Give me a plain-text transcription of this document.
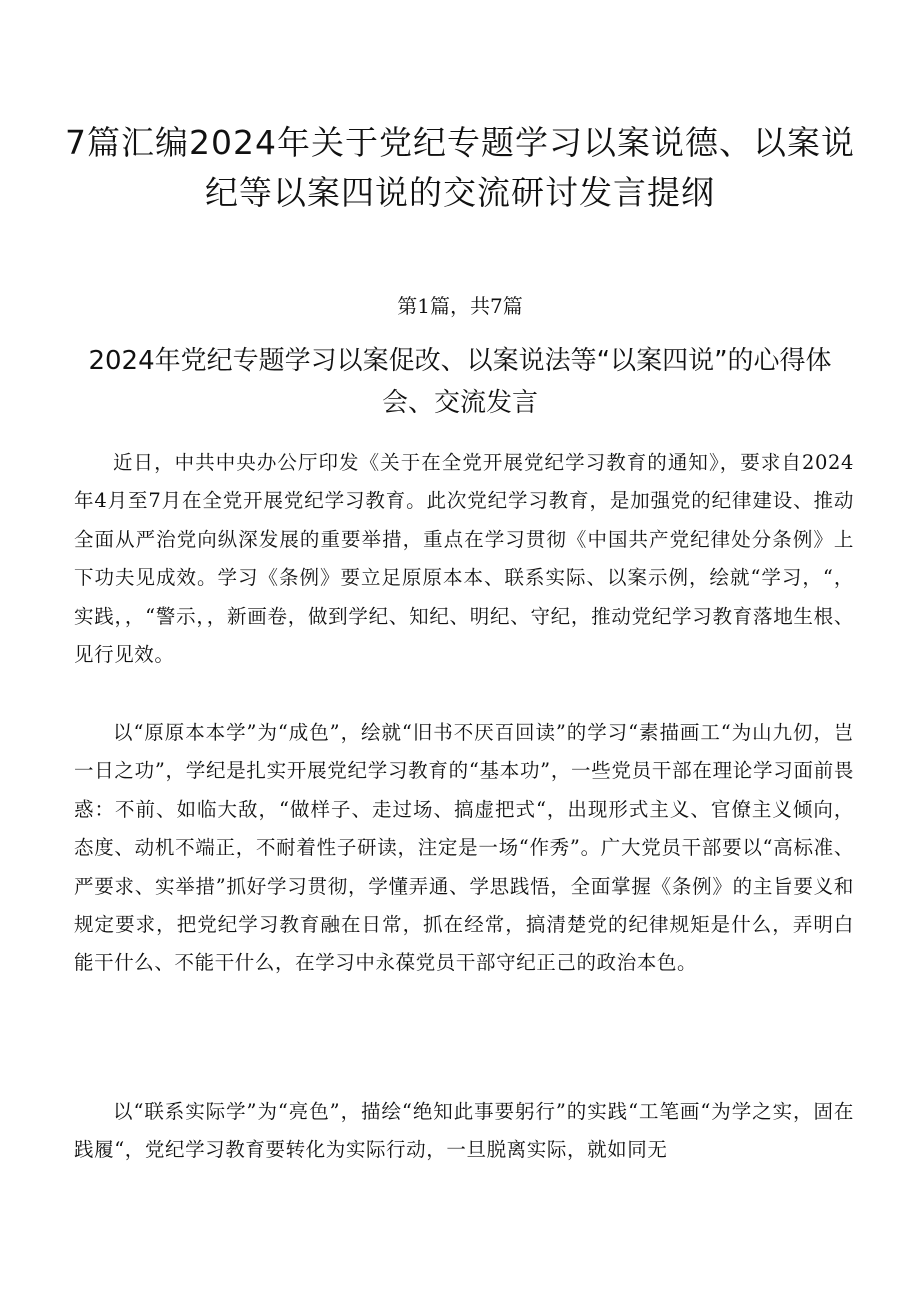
7篇汇编2024年关于党纪专题学习以案说德、以案说纪等以案四说的交流研讨发言提纲

第1篇，共7篇

2024年党纪专题学习以案促改、以案说法等“以案四说”的心得体会、交流发言

近日，中共中央办公厅印发《关于在全党开展党纪学习教育的通知》，要求自2024年4月至7月在全党开展党纪学习教育。此次党纪学习教育，是加强党的纪律建设、推动全面从严治党向纵深发展的重要举措，重点在学习贯彻《中国共产党纪律处分条例》上下功夫见成效。学习《条例》要立足原原本本、联系实际、以案示例，绘就“学习，“，实践，，“警示，，新画卷，做到学纪、知纪、明纪、守纪，推动党纪学习教育落地生根、见行见效。

以“原原本本学”为“成色”，绘就“旧书不厌百回读”的学习“素描画工“为山九仞，岂一日之功”，学纪是扎实开展党纪学习教育的“基本功”，一些党员干部在理论学习面前畏惑：不前、如临大敌，“做样子、走过场、搞虚把式“，出现形式主义、官僚主义倾向，态度、动机不端正，不耐着性子研读，注定是一场“作秀”。广大党员干部要以“高标准、严要求、实举措”抓好学习贯彻，学懂弄通、学思践悟，全面掌握《条例》的主旨要义和规定要求，把党纪学习教育融在日常，抓在经常，搞清楚党的纪律规矩是什么，弄明白能干什么、不能干什么，在学习中永葆党员干部守纪正己的政治本色。

以“联系实际学”为“亮色”，描绘“绝知此事要躬行”的实践“工笔画“为学之实，固在践履“，党纪学习教育要转化为实际行动，一旦脱离实际，就如同无
